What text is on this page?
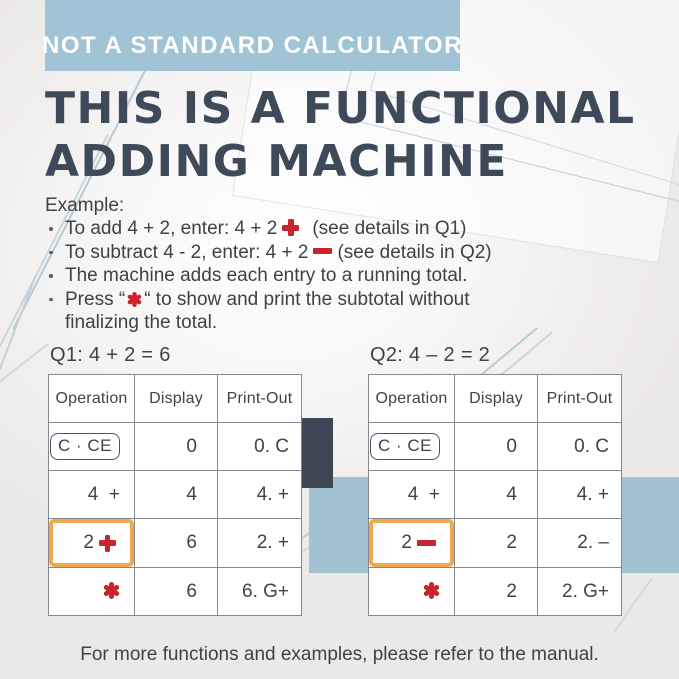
NOT A STANDARD CALCULATOR
THIS IS A FUNCTIONAL
ADDING MACHINE
Example:
To add 4 + 2, enter: 4 + 2 (see details in Q1)
To subtract 4 - 2, enter: 4 + 2 (see details in Q2)
The machine adds each entry to a running total.
Press “ “ to show and print the subtotal without
finalizing the total.
Q1: 4 + 2 = 6
Operation	Display	Print-Out
C · CE	0	0. C
4  +	4	4. +

2	6	2. +

	6	6. G+
Q2: 4 – 2 = 2
Operation	Display	Print-Out
C · CE	0	0. C
4  +	4	4. +

2	2	2. –

	2	2. G+
For more functions and examples, please refer to the manual.
